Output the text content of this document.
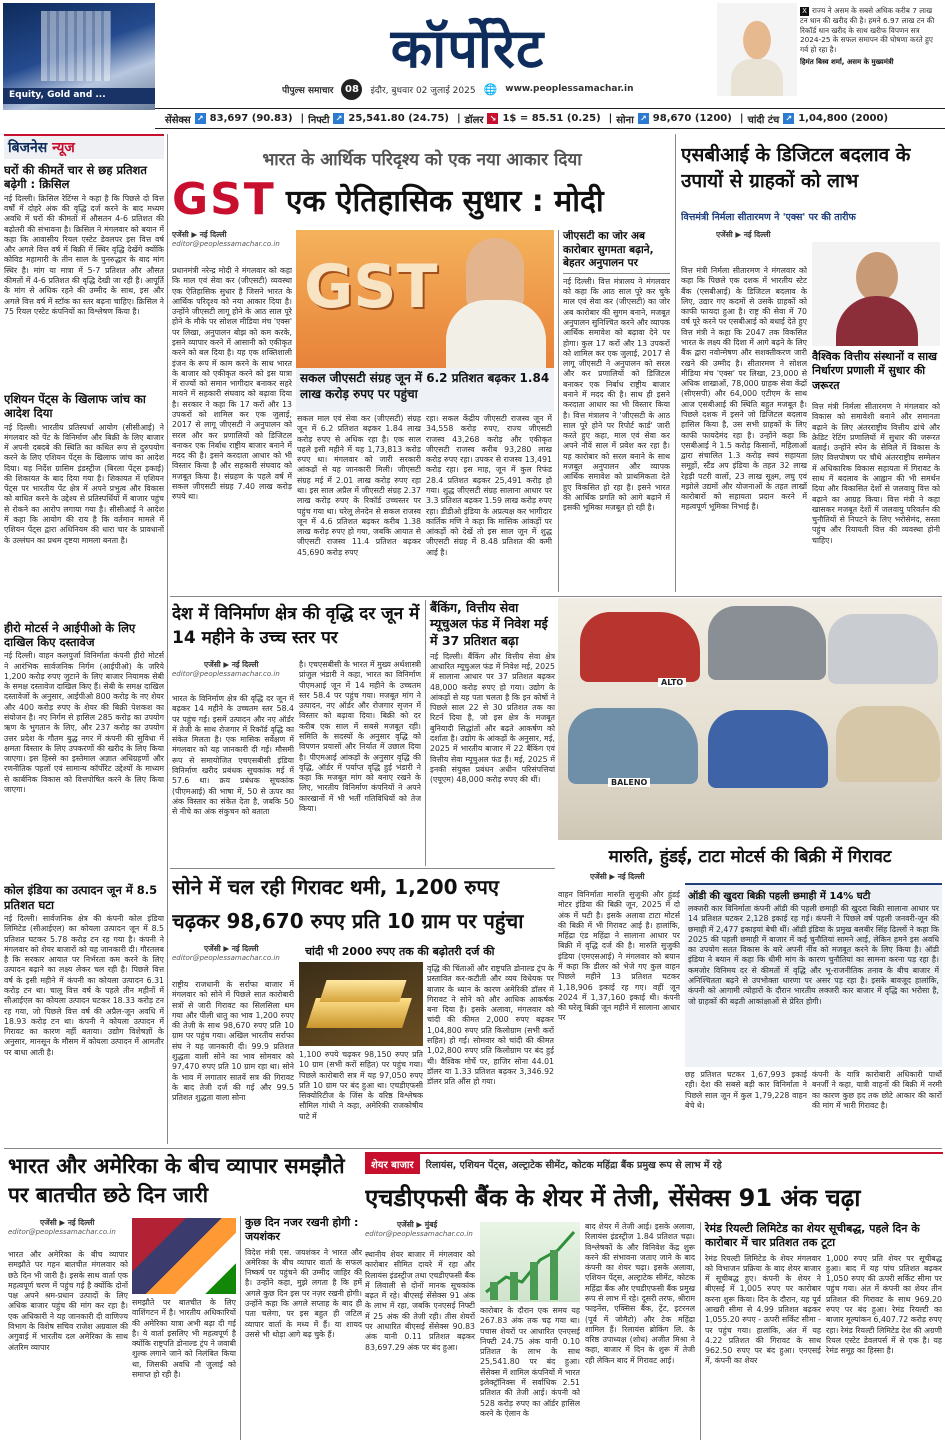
Equity, Gold and ...
कॉर्पोरेट
पीपुल्स समाचार	08	इंदौर, बुधवार 02 जुलाई 2025 🌐 www.peoplessamachar.in
X राज्य ने असम के सबसे अधिक करीब 7 लाख टन धान की खरीद की है। हमने 6.97 लाख टन की रिकॉर्ड धान खरीद के साथ खरीफ विपणन सत्र 2024-25 के सफल समापन की घोषणा करते हुए गर्व हो रहा है।
हिमंत बिस्व शर्मा, असम के मुख्यमंत्री
सेंसेक्स ↗ 83,697 (90.83) | निफ्टी ↗ 25,541.80 (24.75) | डॉलर ↘ 1$ = 85.51 (0.25) | सोना ↗ 98,670 (1200) | चांदी टंच ↗ 1,04,800 (2000)
बिजनेस न्यूज
घरों की कीमतें चार से छह प्रतिशत बढ़ेगी : क्रिसिल
नई दिल्ली। क्रिसिल रेटिंग्स ने कहा है कि पिछले दो वित्त वर्षों में दोहरे अंक की वृद्धि दर्ज करने के बाद मध्यम अवधि में घरों की कीमतों में औसतन 4-6 प्रतिशत की बढ़ोतरी की संभावना है। क्रिसिल ने मंगलवार को बयान में कहा कि आवासीय रियल एस्टेट डेवलपर इस वित्त वर्ष और अगले वित्त वर्ष में बिक्री में स्थिर वृद्धि देखेंगे क्योंकि कोविड महामारी के तीन साल के पुनरुद्धार के बाद मांग स्थिर है। मांग या मात्रा में 5-7 प्रतिशत और औसत कीमतों में 4-6 प्रतिशत की वृद्धि देखी जा रही है। आपूर्ति के मांग से अधिक रहने की उम्मीद के साथ, इस और अगले वित्त वर्ष में स्टॉक का स्तर बढ़ना चाहिए। क्रिसिल ने 75 रियल एस्टेट कंपनियों का विश्लेषण किया है।
एशियन पेंट्स के खिलाफ जांच का आदेश दिया
नई दिल्ली। भारतीय प्रतिस्पर्धा आयोग (सीसीआई) ने मंगलवार को पेंट के विनिर्माण और बिक्री के लिए बाजार में अपनी दबदबे की स्थिति का कथित रूप से दुरुपयोग करने के लिए एशियन पेंट्स के खिलाफ जांच का आदेश दिया। यह निर्देश ग्रासिम इंडस्ट्रीज (बिरला पेंट्स इकाई) की शिकायत के बाद दिया गया है। शिकायत में एशियन पेंट्स पर भारतीय पेंट क्षेत्र में अपने प्रभुत्व और विकास को बाधित करने के उद्देश्य से प्रतिस्पर्धियों में बाजार पहुंच से रोकने का आरोप लगाया गया है। सीसीआई ने आदेश में कहा कि आयोग की राय है कि वर्तमान मामले में एशियन पेंट्स द्वारा अधिनियम की धारा चार के प्रावधानों के उल्लंघन का प्रथम दृष्टया मामला बनता है।
हीरो मोटर्स ने आईपीओ के लिए दाखिल किए दस्तावेज
नई दिल्ली। वाहन कलपुर्जा विनिर्माता कंपनी हीरो मोटर्स ने आरंभिक सार्वजनिक निर्गम (आईपीओ) के जरिये 1,200 करोड़ रुपए जुटाने के लिए बाजार नियामक सेबी के समक्ष दस्तावेज दाखिल किए हैं। सेबी के समक्ष दाखिल दस्तावेजों के अनुसार, आईपीओ 800 करोड़ के नए शेयर और 400 करोड़ रुपए के शेयर की बिक्री पेशकश का संयोजन है। नए निर्गम से हासिल 285 करोड़ का उपयोग ऋण के भुगतान के लिए, और 237 करोड़ का उपयोग उत्तर प्रदेश के गौतम बुद्ध नगर में कंपनी की सुविधा में क्षमता विस्तार के लिए उपकरणों की खरीद के लिए किया जाएगा। इस हिस्से का इस्तेमाल अज्ञात अधिग्रहणों और रणनीतिक पहलों एवं सामान्य कॉर्पोरेट उद्देश्यों के माध्यम से कार्बनिक विकास को वित्तपोषित करने के लिए किया जाएगा।
कोल इंडिया का उत्पादन जून में 8.5 प्रतिशत घटा
नई दिल्ली। सार्वजनिक क्षेत्र की कंपनी कोल इंडिया लिमिटेड (सीआईएल) का कोयला उत्पादन जून में 8.5 प्रतिशत घटकर 5.78 करोड़ टन रह गया है। कंपनी ने मंगलवार को शेयर बाजारों को यह जानकारी दी। गौरतलब है कि सरकार आयात पर निर्भरता कम करने के लिए उत्पादन बढ़ाने का लक्ष्य लेकर चल रही है। पिछले वित्त वर्ष के इसी महीने में कंपनी का कोयला उत्पादन 6.31 करोड़ टन था। चालू वित्त वर्ष के पहले तीन महीनों में सीआईएल का कोयला उत्पादन घटकर 18.33 करोड़ टन रह गया, जो पिछले वित्त वर्ष की अप्रैल-जून अवधि में 18.93 करोड़ टन था। कंपनी ने कोयला उत्पादन में गिरावट का कारण नहीं बताया। उद्योग विशेषज्ञों के अनुसार, मानसून के मौसम में कोयला उत्पादन में आमतौर पर बाधा आती है।
भारत के आर्थिक परिदृश्य को एक नया आकार दिया
GST एक ऐतिहासिक सुधार : मोदी
एजेंसी ▶ नई दिल्ली
editor@peoplessamachar.co.in
GST
सकल जीएसटी संग्रह जून में 6.2 प्रतिशत बढ़कर 1.84 लाख करोड़ रुपए पर पहुंचा
प्रधानमंत्री नरेन्द्र मोदी ने मंगलवार को कहा कि माल एवं सेवा कर (जीएसटी) व्यवस्था एक ऐतिहासिक सुधार है जिसने भारत के आर्थिक परिदृश्य को नया आकार दिया है। उन्होंने जीएसटी लागू होने के आठ साल पूरे होने के मौके पर सोशल मीडिया मंच 'एक्स' पर लिखा, अनुपालन बोझ को कम करके, इसने व्यापार करने में आसानी को एकीकृत करने को बल दिया है। यह एक शक्तिशाली इंजन के रूप में काम करने के साथ भारत के बाजार को एकीकृत करने को इस यात्रा में राज्यों को समान भागीदार बनाकर सहरे मायने में सहकारी संघवाद को बढ़ावा दिया है। सरकार ने कहा कि 17 करों और 13 उपकरों को शामिल कर एक जुलाई, 2017 से लागू जीएसटी ने अनुपालन को सरल और कर प्रणालियों को डिजिटल बनाकर एक निर्बाध राष्ट्रीय बाजार बनाने में मदद की है। इसने करदाता आधार को भी विस्तार किया है और सहकारी संघवाद को मजबूत किया है। संग्रहण के पहले वर्ष में सकल जीएसटी संग्रह 7.40 लाख करोड़ रुपये था।
सकल माल एवं सेवा कर (जीएसटी) संग्रह जून में 6.2 प्रतिशत बढ़कर 1.84 लाख करोड़ रुपए से अधिक रहा है। एक साल पहले इसी महीने में यह 1,73,813 करोड़ रुपए था। मंगलवार को जारी सरकारी आंकड़ों से यह जानकारी मिली। जीएसटी संग्रह मई में 2.01 लाख करोड़ रुपए रहा था। इस साल अप्रैल में जीएसटी संग्रह 2.37 लाख करोड़ रुपए के रिकॉर्ड उच्चस्तर पर पहुंच गया था। घरेलू लेनदेन से सकल राजस्व जून में 4.6 प्रतिशत बढ़कर करीब 1.38 लाख करोड़ रुपए हो गया, जबकि आयात से जीएसटी राजस्व 11.4 प्रतिशत बढ़कर 45,690 करोड़ रुपए
रहा। सकल केंद्रीय जीएसटी राजस्व जून में 34,558 करोड़ रुपए, राज्य जीएसटी राजस्व 43,268 करोड़ और एकीकृत जीएसटी राजस्व करीब 93,280 लाख करोड़ रुपए रहा। उपकर से राजस्व 13,491 करोड़ रहा। इस माह, जून में कुल रिफंड 28.4 प्रतिशत बढ़कर 25,491 करोड़ हो गया। शुद्ध जीएसटी संग्रह सालाना आधार पर 3.3 प्रतिशत बढ़कर 1.59 लाख करोड़ रुपए रहा। डीडीओ इंडिया के अप्रत्यक्ष कर भागीदार कार्तिक मणि ने कहा कि मासिक आंकड़ों पर आंकड़ों को देखें तो इस साल जून में शुद्ध जीएसटी संग्रह में 8.48 प्रतिशत की कमी आई है।
जीएसटी का जोर अब कारोबार सुगमता बढ़ाने, बेहतर अनुपालन पर
नई दिल्ली। वित्त मंत्रालय ने मंगलवार को कहा कि आठ साल पूरे कर चुके माल एवं सेवा कर (जीएसटी) का जोर अब कारोबार की सुगम बनाने, मजबूत अनुपालन सुनिश्चित करने और व्यापक आर्थिक समावेश को बढ़ावा देने पर होगा। कुल 17 करों और 13 उपकरों को शामिल कर एक जुलाई, 2017 से लागू जीएसटी ने अनुपालन को सरल और कर प्रणालियों को डिजिटल बनाकर एक निर्बाध राष्ट्रीय बाजार बनाने में मदद की है। साथ ही इसने करदाता आधार का भी विस्तार किया है। वित्त मंत्रालय ने 'जीएसटी के आठ साल पूरे होने पर रिपोर्ट कार्ड' जारी करते हुए कहा, माल एवं सेवा कर अपने नौवें साल में प्रवेश कर रहा है। यह कारोबार को सरल बनाने के साथ मजबूत अनुपालन और व्यापक आर्थिक समावेश को प्राथमिकता देते हुए विकसित हो रहा है। इसने भारत की आर्थिक प्रगति को आगे बढ़ाने में इसकी भूमिका मजबूत हो रही है।
एसबीआई के डिजिटल बदलाव के उपायों से ग्राहकों को लाभ
वित्तमंत्री निर्मला सीतारमण ने 'एक्स' पर की तारीफ
एजेंसी ▶ नई दिल्ली
वित्त मंत्री निर्मला सीतारमण ने मंगलवार को कहा कि पिछले एक दशक में भारतीय स्टेट बैंक (एसबीआई) के डिजिटल बदलाव के लिए, उद्यार गए कदमों से उसके ग्राहकों को काफी फायदा हुआ है। राष्ट्र की सेवा में 70 वर्ष पूरे करने पर एसबीआई को बधाई देते हुए वित्त मंत्री ने कहा कि 2047 तक विकसित भारत के लक्ष्य की दिशा में आगे बढ़ने के लिए बैंक द्वारा नवोन्मेषण और सशक्तीकरण जारी रखने की उम्मीद है। सीतारमण ने सोशल मीडिया मंच 'एक्स' पर लिखा, 23,000 से अधिक शाखाओं, 78,000 ग्राहक सेवा केंद्रों (सीएसपी) और 64,000 एटीएम के साथ आज एसबीआई की स्थिति बहुत मजबूत है। पिछले दशक में इसने जो डिजिटल बदलाव हासिल किया है, उस सभी ग्राहकों के लिए काफी फायदेमंद रहा है। उन्होंने कहा कि एसबीआई ने 1.5 करोड़ किसानों, महिलाओं द्वारा संचालित 1.3 करोड़ स्वयं सहायता समूहों, स्टैंड अप इंडिया के तहत 32 लाख रेहड़ी पटरी वालों, 23 लाख सूक्ष्म, लघु एवं मझोले उद्यमों और योजनाओं के तहत लाखों कारोबारों को सहायता प्रदान करने में महत्वपूर्ण भूमिका निभाई है।
वैश्विक वित्तीय संस्थानों व साख निर्धारण प्रणाली में सुधार की जरूरत
वित्त मंत्री निर्मला सीतारमण ने मंगलवार को विकास को समावेशी बनाने और समानता बढ़ाने के लिए अंतरराष्ट्रीय वित्तीय ढांचे और क्रेडिट रेटिंग प्रणालियों में सुधार की जरूरत बताई। उन्होंने स्पेन के सेविले में विकास के लिए वित्तपोषण पर चौथे अंतरराष्ट्रीय सम्मेलन में अधिकारिक विकास सहायता में गिरावट के साथ में बदलाव के आह्वान की भी समर्थन दिया और विकासित देशों से जलवायु वित्त को बढ़ाने का आग्रह किया। वित्त मंत्री ने कहा खासकर मजबूत देशों में जलवायु परिवर्तन की चुनौतियों से निपटने के लिए भरोसेमंद, सस्ता पहुंच और रियायती वित्त की व्यवस्था होनी चाहिए।
देश में विनिर्माण क्षेत्र की वृद्धि दर जून में 14 महीने के उच्च स्तर पर
एजेंसी ▶ नई दिल्ली
editor@peoplessamachar.co.in
भारत के विनिर्माण क्षेत्र की वृद्धि दर जून में बढ़कर 14 महीने के उच्चतम स्तर 58.4 पर पहुंच गई। इसमें उत्पादन और नए ऑर्डर में तेजी के साथ रोजगार में रिकॉर्ड वृद्धि का संकेत मिलता है। एक मासिक सर्वेक्षण में मंगलवार को यह जानकारी दी गई। मौसमी रूप से समायोजित एचएसबीसी इंडिया विनिर्माण खरीद प्रबंधक सूचकांक मई में 57.6 था। क्रय प्रबंधक सूचकांक (पीएमआई) की भाषा में, 50 से ऊपर का अंक विस्तार का संकेत देता है, जबकि 50 से नीचे का अंक संकुचन को बताता
है। एचएसबीसी के भारत में मुख्य अर्थशास्त्री प्रांजुल भंडारी ने कहा, भारत का विनिर्माण पीएमआई जून में 14 महीने के उच्चतम स्तर 58.4 पर पहुंच गया। मजबूत मांग ने उत्पादन, नए ऑर्डर और रोजगार सृजन में विस्तार को बढ़ावा दिया। बिक्री को दर करीब एक साल में सबसे मजबूत रही। समिति के सदस्यों के अनुसार वृद्धि को विपणन प्रयासों और निर्यात में उछाल दिया है। पीएमआई आंकड़ों के अनुसार वृद्धि की वृद्धि, ऑर्डर में पर्याप्त वृद्धि हुई भंडारी ने कहा कि मजबूत मांग को बनाए रखने के लिए, भारतीय विनिर्माण कंपनियों ने अपने कारखानों में भी भर्ती गतिविधियों को तेज किया।
बैंकिंग, वित्तीय सेवा म्यूचुअल फंड में निवेश मई में 37 प्रतिशत बढ़ा
नई दिल्ली। बैंकिंग और वित्तीय सेवा क्षेत्र आधारित म्यूचुअल फंड में निवेश मई, 2025 में सालाना आधार पर 37 प्रतिशत बढ़कर 48,000 करोड़ रुपए हो गया। उद्योग के आंकड़ों से यह पता चलता है कि इन कोषों ने पिछले साल 22 से 30 प्रतिशत तक का रिटर्न दिया है, जो इस क्षेत्र के मजबूत बुनियादी सिद्धांतों और बढ़ते आकर्षण को दर्शाता है। उद्योग के आंकड़ों के अनुसार, मई, 2025 में भारतीय बाजार में 22 बैंकिंग एवं वित्तीय सेवा म्यूचुअल फंड हैं। मई, 2025 में इनकी संयुक्त प्रबंधन अधीन परिसंपत्तियां (एयूएम) 48,000 करोड़ रुपए की थीं।
ALTO
BALENO
मारुति, हुंडई, टाटा मोटर्स की बिक्री में गिरावट
एजेंसी ▶ नई दिल्ली
वाहन विनिर्माता मारुति सुजुकी और हुंडई मोटर इंडिया की बिक्री जून, 2025 में दो अंक में घटी है। इसके अलावा टाटा मोटर्स की बिक्री में भी गिरावट आई है। हालांकि, महिंद्रा एंड महिंद्रा ने सालाना आधार पर बिक्री में वृद्धि दर्ज की है। मारुति सुजुकी इंडिया (एमएसआई) ने मंगलवार को बयान में कहा कि डीलर को भेजे गए कुल वाहन पिछले महीने 13 प्रतिशत घटकर 1,18,906 इकाई रह गए। वहीं जून 2024 में 1,37,160 इकाई थी। कंपनी की घरेलू बिक्री जून महीने में सालाना आधार पर
ऑडी की खुदरा बिक्री पहली छमाही में 14% घटी
लक्जरी कार विनिर्माता कंपनी ऑडी की पहली छमाही की खुदरा बिक्री सालाना आधार पर 14 प्रतिशत घटकर 2,128 इकाई रह गई। कंपनी ने पिछले वर्ष पहली जनवरी-जून की छमाही में 2,477 इकाइयां बेची थीं। ऑडी इंडिया के प्रमुख बलबीर सिंह ढिल्लों ने कहा कि 2025 की पहली छमाही में बाजार में कई चुनौतियां सामने आई, लेकिन हमने इस अवधि का उपयोग सतत विकास के बारे अपनी नींव को मजबूत करने के लिए किया है। ऑडी इंडिया ने बयान में कहा कि धीमी मांग के कारण चुनौतियां का सामना करना पड़ रहा है। कमजोर विनिमय दर से कीमतों में वृद्धि और भू-राजनीतिक तनाव के बीच बाजार में अनिश्चितता बढ़ने से उपभोक्ता धारणा पर असर पड़ रहा है। इसके बावजूद हालांकि, कंपनी को आगामी त्योहारों के दौरान भारतीय लक्जरी कार बाजार में वृद्धि का भरोसा है, जो ग्राहकों की बढ़ती आकांक्षाओं से प्रेरित होगी।
छह प्रतिशत घटकर 1,67,993 इकाई रही। देश की सबसे बड़ी कार विनिर्माता ने पिछले साल जून में कुल 1,79,228 वाहन बेचे थे।
कंपनी के यात्रि कारोबारी अधिकारी पार्थो बनर्जी ने कहा, यात्री वाहनों की बिक्री में नरमी का कारण कुछ हद तक छोटे आकार की कारों की मांग में भारी गिरावट है।
सोने में चल रही गिरावट थमी, 1,200 रुपए
चढ़कर 98,670 रुपए प्रति 10 ग्राम पर पहुंचा
एजेंसी ▶ नई दिल्ली
editor@peoplessamachar.co.in	चांदी भी 2000 रुपए तक की बढ़ोतरी दर्ज की
राष्ट्रीय राजधानी के सर्राफा बाजार में मंगलवार को सोने में पिछले सात कारोबारी सत्रों से जारी गिरावट का सिलसिला थम गया और पीली धातु का भाव 1,200 रुपए की तेजी के साथ 98,670 रुपए प्रति 10 ग्राम पर पहुंच गया। अखिल भारतीय सर्राफा संघ ने यह जानकारी दी। 99.9 प्रतिशत शुद्धता वाली सोने का भाव सोमवार को 97,470 रुपए प्रति 10 ग्राम रहा था। सोने के भाव में लगातार सातवें सत्र की गिरावट के बाद तेजी दर्ज की गई और 99.5 प्रतिशत शुद्धता वाला सोना
1,100 रुपये चढ़कर 98,150 रुपए प्रति 10 ग्राम (सभी करों सहित) पर पहुंच गया। पिछले कारोबारी सत्र में यह 97,050 रुपए प्रति 10 ग्राम पर बंद हुआ था। एचडीएफसी सिक्योरिटीज के जिंस के वरिष्ठ विश्लेषक सौमिल गांधी ने कहा, अमेरिकी राजकोषीय घाटे में
वृद्धि की चिंताओं और राष्ट्रपति डोनाल्ड ट्रंप के प्रस्तावित कर-कटौती और व्यय विधेयक पर बाजार के ध्यान के कारण अमेरिकी डॉलर में गिरावट ने सोने को और आधिक आकर्षक बना दिया है। इसके अलावा, मंगलवार को चांदी की कीमत 2,000 रुपए बढ़कर 1,04,800 रुपए प्रति किलोग्राम (सभी करों सहित) हो गई। सोमवार को चांदी की कीमत 1,02,800 रुपए प्रति किलोग्राम पर बंद हुई थी। वैश्विक मोर्चे पर, हाजिर सोना 44.01 डॉलर या 1.33 प्रतिशत बढ़कर 3,346.92 डॉलर प्रति औंस हो गया।
भारत और अमेरिका के बीच व्यापार समझौते पर बातचीत छठे दिन जारी
एजेंसी ▶ नई दिल्ली
editor@peoplessamachar.co.in
भारत और अमेरिका के बीच व्यापार समझौते पर गहन बातचीत मंगलवार को छठे दिन भी जारी है। इसके साथ वार्ता एक महत्वपूर्ण चरण में पहुंच गई है क्योंकि दोनों पक्ष अपने श्रम-प्रधान उत्पादों के लिए अधिक बाजार पहुंच की मांग कर रहा है। एक अधिकारी ने यह जानकारी दी वाणिज्य विभाग के विशेष सचिव राजेश अग्रवाल की अगुवाई में भारतीय दल अमेरिका के साथ अंतरिम व्यापार
समझौते पर बातचीत के लिए वाशिंगटन में है। भारतीय अधिकारियों की अमेरिका यात्रा अभी बढ़ा दी गई है। ये वार्ता इसलिए भी महत्वपूर्ण है क्योंकि राष्ट्रपति डोनाल्ड ट्रंप ने जवाबी शुल्क लगाने जाने को निलंबित किया था, जिसकी अवधि नौ जुलाई को समाप्त हो रही है।
कुछ दिन नजर रखनी होगी : जयशंकर
विदेश मंत्री एस. जयशंकर ने भारत और अमेरिका के बीच व्यापार वार्ता के सफल निष्कर्ष पर पहुंचने की उम्मीद जाहिर की है। उन्होंने कहा, मुझे लगता है कि हमें अगले कुछ दिन इस पर नज़र रखनी होगी। उन्होंने कहा कि अगले सप्ताह के बाद ही पता चलेगा, पर इस बहुत ही जटिल व्यापार वार्ता के मध्य में हैं। या शायद उससे भी थोड़ा आगे बढ़ चुके हैं।
शेयर बाजार	रिलायंस, एशियन पेंट्स, अल्ट्राटेक सीमेंट, कोटक महिंद्रा बैंक प्रमुख रूप से लाभ में रहे
एचडीएफसी बैंक के शेयर में तेजी, सेंसेक्स 91 अंक चढ़ा
एजेंसी ▶ मुंबई
editor@peoplessamachar.co.in
स्थानीय शेयर बाजार में मंगलवार को कारोबार सीमित दायरे में रहा और रिलायंस इंडस्ट्रीज तथा एचडीएफसी बैंक में लिवाली से दोनों मानक सूचकांक बढ़त में रहे। बीएसई सेंसेक्स 91 अंक के लाभ में रहा, जबकि एनएसई निफ्टी में 25 अंक की तेजी रही। तीस शेयरों पर आधारित बीएसई सेंसेक्स 90.83 अंक यानी 0.11 प्रतिशत बढ़कर 83,697.29 अंक पर बंद हुआ।
कारोबार के दौरान एक समय यह 267.83 अंक तक चढ़ गया था। पचास शेयरों पर आधारित एनएसई निफ्टी 24.75 अंक यानी 0.10 प्रतिशत के लाभ के साथ 25,541.80 पर बंद हुआ। सेंसेक्स में शामिल कंपनियों में भारत इलेक्ट्रॉनिक्स में सर्वाधिक 2.51 प्रतिशत की तेजी आई। कंपनी को 528 करोड़ रुपए का ऑर्डर हासिल करने के ऐलान के
बाद शेयर में तेजी आई। इसके अलावा, रिलायंस इंडस्ट्रीज 1.84 प्रतिशत चढ़ा। विश्लेषकों के और विनिवेश केंद्र शुरू करने की संभावना जताए जाने के बाद कंपनी का शेयर चढ़ा। इसके अलावा, एशियन पेंट्स, अल्ट्राटेक सीमेंट, कोटक महिंद्रा बैंक और एचडीएफसी बैंक प्रमुख रूप से लाभ में रहे। दूसरी तरफ, श्रीराम फाइनेंस, एक्सिस बैंक, ट्रेंट, इटरनल (पूर्व में जोमैटो) और टेक महिंद्रा शामिल हैं। रिलायंस ब्रोकिंग लि. के वरिष्ठ उपाध्यक्ष (शोध) अजीत मिश्रा ने कहा, बाजार में दिन के शुरू में तेजी रही लेकिन बाद में गिरावट आई।
रेमंड रियल्टी लिमिटेड का शेयर सूचीबद्ध, पहले दिन के कारोबार में चार प्रतिशत तक टूटा
रेमंड रियल्टी लिमिटेड के शेयर मंगलवार को विभाजन प्रक्रिया के बाद शेयर बाजार में सूचीबद्ध हुए। कंपनी के शेयर ने बीएसई में 1,005 रुपए पर कारोबार करना शुरू किया। दिन के दौरान, यह पूर्व आखरी सीमा से 4.99 प्रतिशत बढ़कर 1,055.20 रुपए - ऊपरी सर्किट सीमा - पर पहुंच गया। हालांकि, अंत में यह 4.22 प्रतिशत की गिरावट के साथ 962.50 रुपए पर बंद हुआ। एनएसई में, कंपनी का शेयर
1,000 रुपए प्रति शेयर पर सूचीबद्ध हुआ। बाद में यह पांच प्रतिशत बढ़कर 1,050 रुपए की ऊपरी सर्किट सीमा पर पहुंच गया। अंत में कंपनी का शेयर तीन प्रतिशत की गिरावट के साथ 969.20 रुपए पर बंद हुआ। रेमंड रियल्टी का बाजार मूल्यांकन 6,407.72 करोड़ रुपए रहा। रेमंड रियल्टी लिमिटेड देश की अग्रणी रियल एस्टेट डेवलपर्स में से एक है। यह रेमंड समूह का हिस्सा है।
